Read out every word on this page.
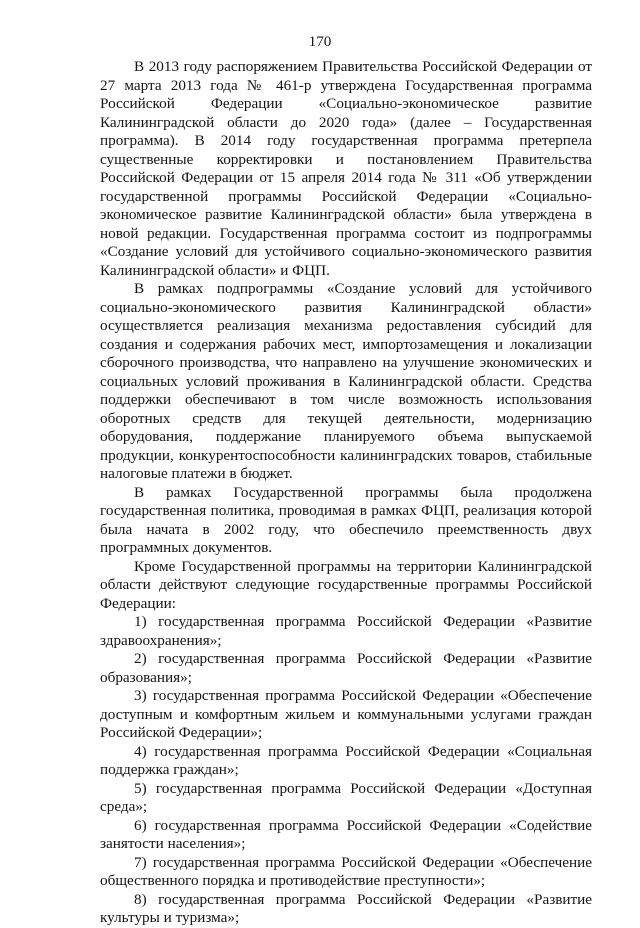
170

В 2013 году распоряжением Правительства Российской Федерации от 27 марта 2013 года № 461-р утверждена Государственная программа Российской Федерации «Социально-экономическое развитие Калининградской области до 2020 года» (далее – Государственная программа). В 2014 году государственная программа претерпела существенные корректировки и постановлением Правительства Российской Федерации от 15 апреля 2014 года № 311 «Об утверждении государственной программы Российской Федерации «Социально-экономическое развитие Калининградской области» была утверждена в новой редакции. Государственная программа состоит из подпрограммы «Создание условий для устойчивого социально-экономического развития Калининградской области» и ФЦП.

В рамках подпрограммы «Создание условий для устойчивого социально-экономического развития Калининградской области» осуществляется реализация механизма редоставления субсидий для создания и содержания рабочих мест, импортозамещения и локализации сборочного производства, что направлено на улучшение экономических и социальных условий проживания в Калининградской области. Средства поддержки обеспечивают в том числе возможность использования оборотных средств для текущей деятельности, модернизацию оборудования, поддержание планируемого объема выпускаемой продукции, конкурентоспособности калининградских товаров, стабильные налоговые платежи в бюджет.

В рамках Государственной программы была продолжена государственная политика, проводимая в рамках ФЦП, реализация которой была начата в 2002 году, что обеспечило преемственность двух программных документов.

Кроме Государственной программы на территории Калининградской области действуют следующие государственные программы Российской Федерации:

1) государственная программа Российской Федерации «Развитие здравоохранения»;

2) государственная программа Российской Федерации «Развитие образования»;

3) государственная программа Российской Федерации «Обеспечение доступным и комфортным жильем и коммунальными услугами граждан Российской Федерации»;

4) государственная программа Российской Федерации «Социальная поддержка граждан»;

5) государственная программа Российской Федерации «Доступная среда»;

6) государственная программа Российской Федерации «Содействие занятости населения»;

7) государственная программа Российской Федерации «Обеспечение общественного порядка и противодействие преступности»;

8) государственная программа Российской Федерации «Развитие культуры и туризма»;
